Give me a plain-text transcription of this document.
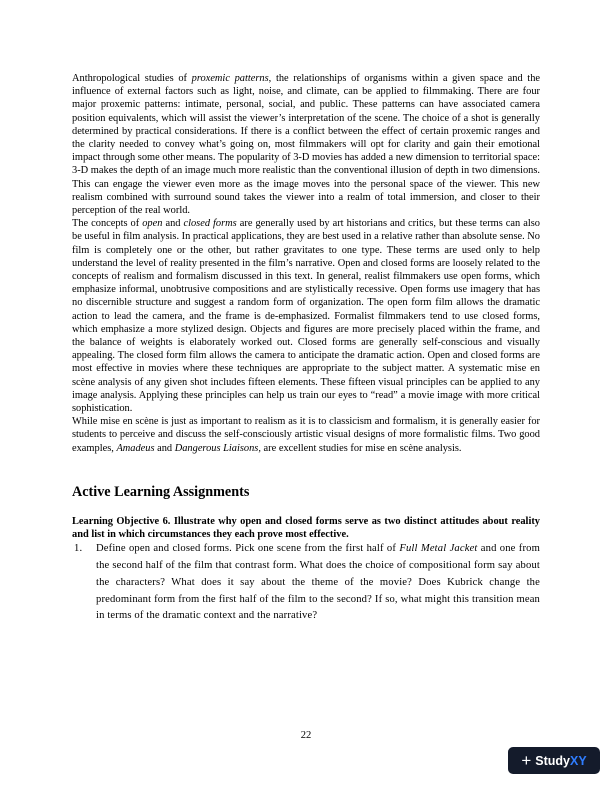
Anthropological studies of proxemic patterns, the relationships of organisms within a given space and the influence of external factors such as light, noise, and climate, can be applied to filmmaking. There are four major proxemic patterns: intimate, personal, social, and public. These patterns can have associated camera position equivalents, which will assist the viewer’s interpretation of the scene. The choice of a shot is generally determined by practical considerations. If there is a conflict between the effect of certain proxemic ranges and the clarity needed to convey what’s going on, most filmmakers will opt for clarity and gain their emotional impact through some other means. The popularity of 3-D movies has added a new dimension to territorial space: 3-D makes the depth of an image much more realistic than the conventional illusion of depth in two dimensions. This can engage the viewer even more as the image moves into the personal space of the viewer. This new realism combined with surround sound takes the viewer into a realm of total immersion, and closer to their perception of the real world.

The concepts of open and closed forms are generally used by art historians and critics, but these terms can also be useful in film analysis. In practical applications, they are best used in a relative rather than absolute sense. No film is completely one or the other, but rather gravitates to one type. These terms are used only to help understand the level of reality presented in the film’s narrative. Open and closed forms are loosely related to the concepts of realism and formalism discussed in this text. In general, realist filmmakers use open forms, which emphasize informal, unobtrusive compositions and are stylistically recessive. Open forms use imagery that has no discernible structure and suggest a random form of organization. The open form film allows the dramatic action to lead the camera, and the frame is de-emphasized. Formalist filmmakers tend to use closed forms, which emphasize a more stylized design. Objects and figures are more precisely placed within the frame, and the balance of weights is elaborately worked out. Closed forms are generally self-conscious and visually appealing. The closed form film allows the camera to anticipate the dramatic action. Open and closed forms are most effective in movies where these techniques are appropriate to the subject matter. A systematic mise en scène analysis of any given shot includes fifteen elements. These fifteen visual principles can be applied to any image analysis. Applying these principles can help us train our eyes to “read” a movie image with more critical sophistication.

While mise en scène is just as important to realism as it is to classicism and formalism, it is generally easier for students to perceive and discuss the self-consciously artistic visual designs of more formalistic films. Two good examples, Amadeus and Dangerous Liaisons, are excellent studies for mise en scène analysis.

Active Learning Assignments

Learning Objective 6. Illustrate why open and closed forms serve as two distinct attitudes about reality and list in which circumstances they each prove most effective.

1. Define open and closed forms. Pick one scene from the first half of Full Metal Jacket and one from the second half of the film that contrast form. What does the choice of compositional form say about the characters? What does it say about the theme of the movie? Does Kubrick change the predominant form from the first half of the film to the second? If so, what might this transition mean in terms of the dramatic context and the narrative?
22
+ Study XY
